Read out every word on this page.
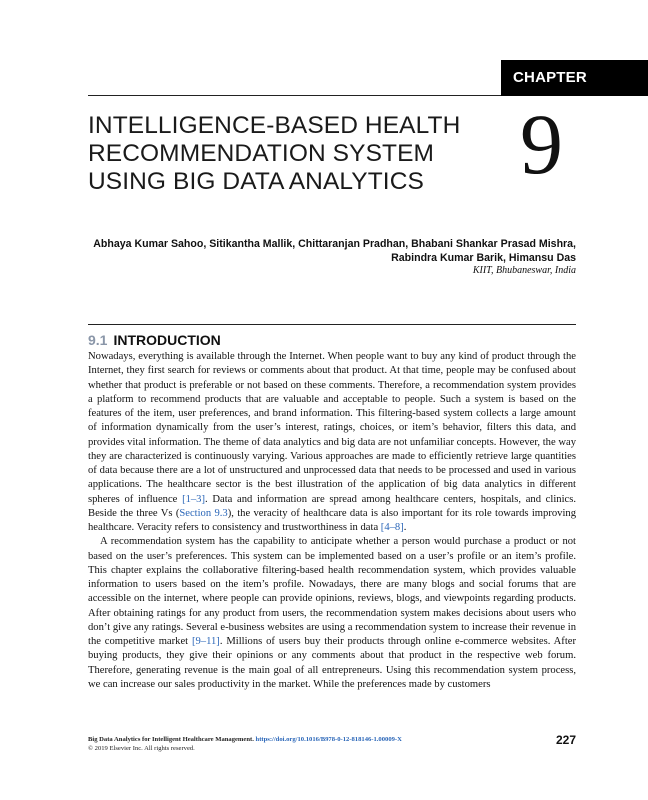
CHAPTER
INTELLIGENCE-BASED HEALTH
RECOMMENDATION SYSTEM
USING BIG DATA ANALYTICS	9
Abhaya Kumar Sahoo, Sitikantha Mallik, Chittaranjan Pradhan, Bhabani Shankar Prasad Mishra,
Rabindra Kumar Barik, Himansu Das
KIIT, Bhubaneswar, India
9.1 INTRODUCTION

Nowadays, everything is available through the Internet. When people want to buy any kind of product through the Internet, they first search for reviews or comments about that product. At that time, people may be confused about whether that product is preferable or not based on these comments. Therefore, a recommendation system provides a platform to recommend products that are valuable and acceptable to people. Such a system is based on the features of the item, user preferences, and brand information. This filtering-based system collects a large amount of information dynamically from the user’s interest, ratings, choices, or item’s behavior, filters this data, and provides vital information. The theme of data analytics and big data are not unfamiliar concepts. However, the way they are characterized is continuously varying. Various approaches are made to efficiently retrieve large quantities of data because there are a lot of unstructured and unprocessed data that needs to be processed and used in various applications. The healthcare sector is the best illustration of the application of big data analytics in different spheres of influence [1–3]. Data and information are spread among healthcare centers, hospitals, and clinics. Beside the three Vs (Section 9.3), the veracity of healthcare data is also important for its role towards improving healthcare. Veracity refers to consistency and trustworthiness in data [4–8].

A recommendation system has the capability to anticipate whether a person would purchase a product or not based on the user’s preferences. This system can be implemented based on a user’s profile or an item’s profile. This chapter explains the collaborative filtering-based health recommendation system, which provides valuable information to users based on the item’s profile. Nowadays, there are many blogs and social forums that are accessible on the internet, where people can provide opinions, reviews, blogs, and viewpoints regarding products. After obtaining ratings for any product from users, the recommendation system makes decisions about users who don’t give any ratings. Several e-business websites are using a recommendation system to increase their revenue in the competitive market [9–11]. Millions of users buy their products through online e-commerce websites. After buying products, they give their opinions or any comments about that product in the respective web forum. Therefore, generating revenue is the main goal of all entrepreneurs. Using this recommendation system process, we can increase our sales productivity in the market. While the preferences made by customers

Big Data Analytics for Intelligent Healthcare Management. https://doi.org/10.1016/B978-0-12-818146-1.00009-X
© 2019 Elsevier Inc. All rights reserved.
227
